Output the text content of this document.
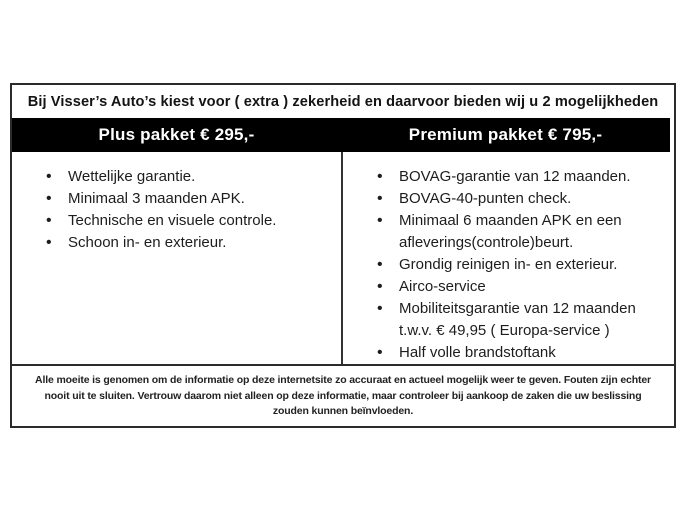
Bij Visser’s Auto’s kiest voor ( extra ) zekerheid en daarvoor bieden wij u 2 mogelijkheden
Plus pakket € 295,-	Premium pakket € 795,-
• Wettelijke garantie.
• Minimaal 3 maanden APK.
• Technische en visuele controle.
• Schoon in- en exterieur.
• BOVAG-garantie van 12 maanden.
• BOVAG-40-punten check.
• Minimaal 6 maanden APK en een afleverings(controle)beurt.
• Grondig reinigen in- en exterieur.
• Airco-service
• Mobiliteitsgarantie van 12 maanden t.w.v. € 49,95 ( Europa-service )
• Half volle brandstoftank
Alle moeite is genomen om de informatie op deze internetsite zo accuraat en actueel mogelijk weer te geven. Fouten zijn echter nooit uit te sluiten. Vertrouw daarom niet alleen op deze informatie, maar controleer bij aankoop de zaken die uw beslissing zouden kunnen beïnvloeden.
